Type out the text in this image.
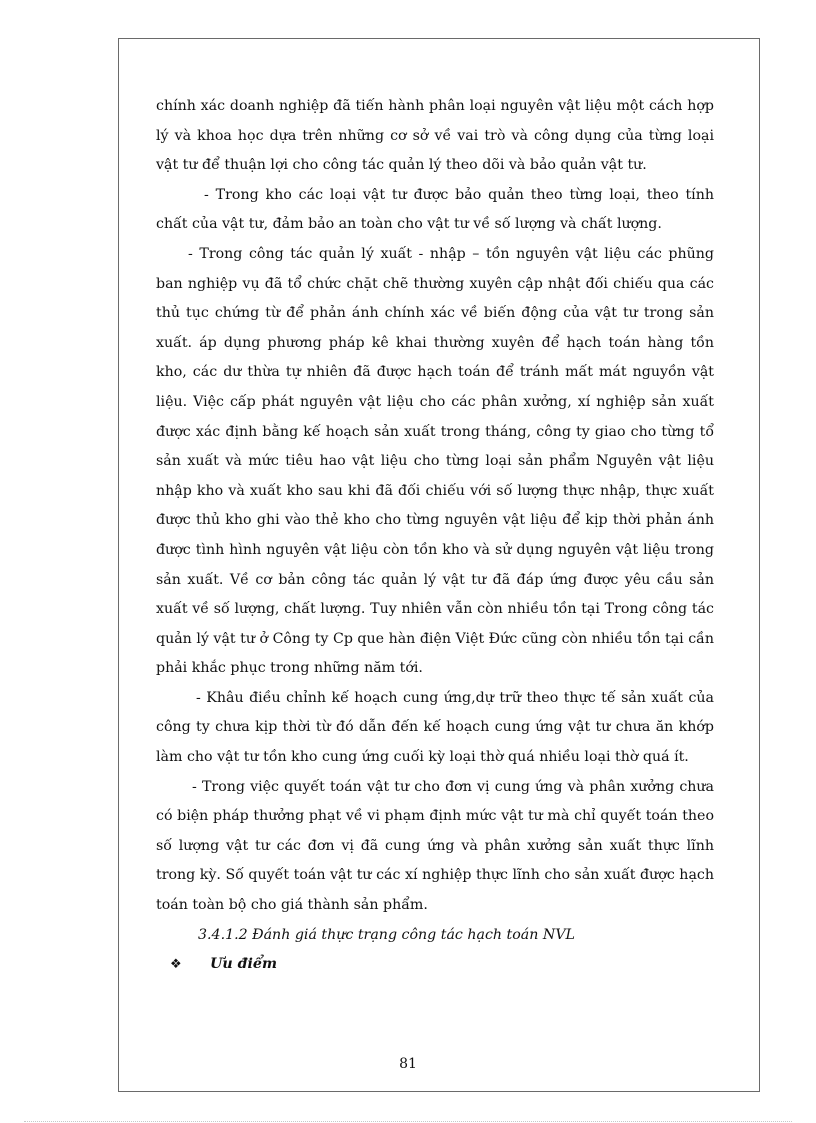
chính xác doanh nghiệp đã tiến hành phân loại nguyên vật liệu một cách hợp lý và khoa học dựa trên những cơ sở về vai trò và công dụng của từng loại vật tư để thuận lợi cho công tác quản lý theo dõi và bảo quản vật tư.

- Trong kho các loại vật tư được bảo quản theo từng loại, theo tính chất của vật tư, đảm bảo an toàn cho vật tư về số lượng và chất lượng.

- Trong công tác quản lý xuất - nhập – tồn nguyên vật liệu các phũng ban nghiệp vụ đã tổ chức chặt chẽ thường xuyên cập nhật đối chiếu qua các thủ tục chứng từ để phản ánh chính xác về biến động của vật tư trong sản xuất. áp dụng phương pháp kê khai thường xuyên để hạch toán hàng tồn kho, các dư thừa tự nhiên đã được hạch toán để tránh mất mát nguyồn vật liệu. Việc cấp phát nguyên vật liệu cho các phân xưởng, xí nghiệp sản xuất được xác định bằng kế hoạch sản xuất trong tháng, công ty giao cho từng tổ sản xuất và mức tiêu hao vật liệu cho từng loại sản phẩm Nguyên vật liệu nhập kho và xuất kho sau khi đã đối chiếu với số lượng thực nhập, thực xuất được thủ kho ghi vào thẻ kho cho từng nguyên vật liệu để kịp thời phản ánh được tình hình nguyên vật liệu còn tồn kho và sử dụng nguyên vật liệu trong sản xuất. Về cơ bản công tác quản lý vật tư đã đáp ứng được yêu cầu sản xuất về số lượng, chất lượng. Tuy nhiên vẫn còn nhiều tồn tại Trong công tác quản lý vật tư ở Công ty Cp que hàn điện Việt Đức cũng còn nhiều tồn tại cần phải khắc phục trong những năm tới.

- Khâu điều chỉnh kế hoạch cung ứng,dự trữ theo thực tế sản xuất của công ty chưa kịp thời từ đó dẫn đến kế hoạch cung ứng vật tư chưa ăn khớp làm cho vật tư tồn kho cung ứng cuối kỳ loại thờ quá nhiều loại thờ quá ít.

- Trong việc quyết toán vật tư cho đơn vị cung ứng và phân xưởng chưa có biện pháp thưởng phạt về vi phạm định mức vật tư mà chỉ quyết toán theo số lượng vật tư các đơn vị đã cung ứng và phân xưởng sản xuất thực lĩnh trong kỳ. Số quyết toán vật tư các xí nghiệp thực lĩnh cho sản xuất được hạch toán toàn bộ cho giá thành sản phẩm.

3.4.1.2 Đánh giá thực trạng công tác hạch toán NVL

❖	Ưu điểm

81
